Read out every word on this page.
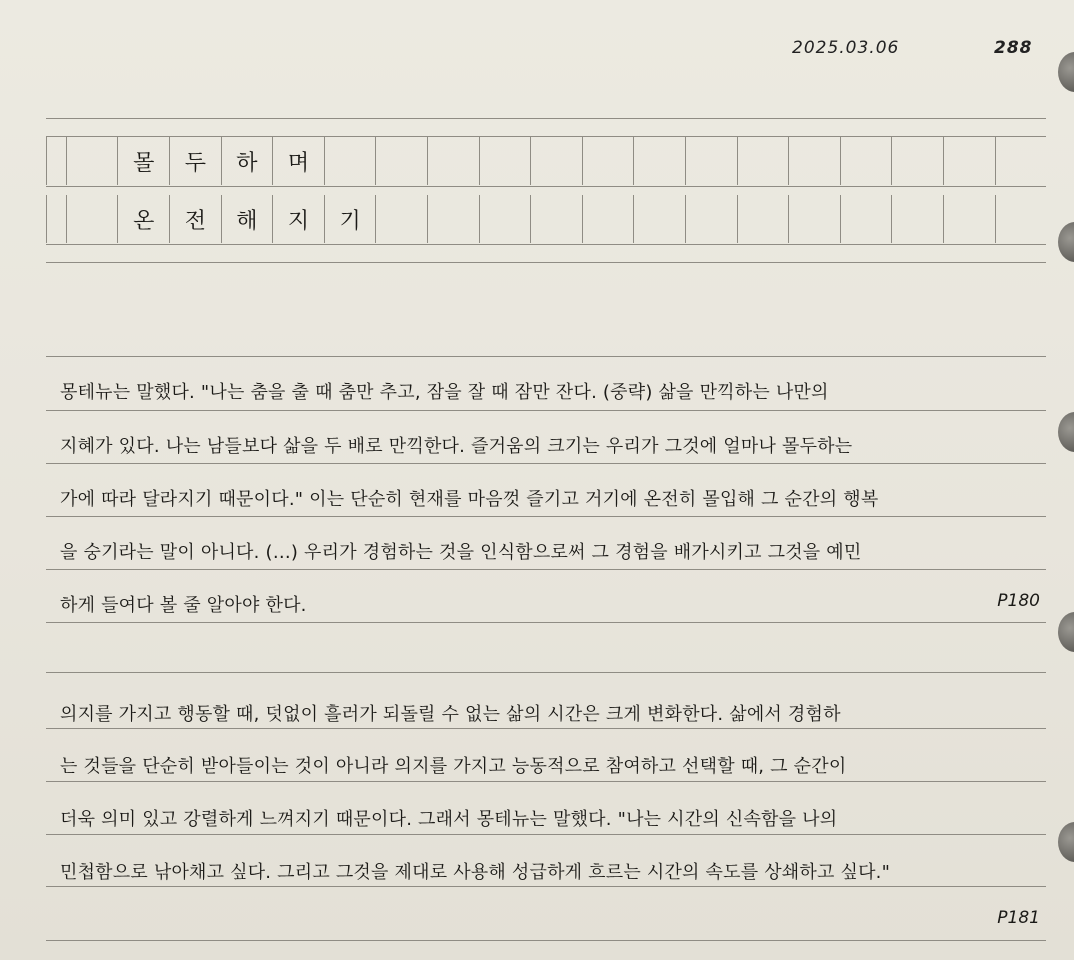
2025.03.06	288
몰	두	하	며
온	전	해	지	기
몽테뉴는 말했다. "나는 춤을 출 때 춤만 추고, 잠을 잘 때 잠만 잔다. (중략) 삶을 만끽하는 나만의
지혜가 있다. 나는 남들보다 삶을 두 배로 만끽한다. 즐거움의 크기는 우리가 그것에 얼마나 몰두하는
가에 따라 달라지기 때문이다." 이는 단순히 현재를 마음껏 즐기고 거기에 온전히 몰입해 그 순간의 행복
을 숭기라는 말이 아니다. (…) 우리가 경험하는 것을 인식함으로써 그 경험을 배가시키고 그것을 예민
하게 들여다 볼 줄 알아야 한다.	P180
의지를 가지고 행동할 때, 덧없이 흘러가 되돌릴 수 없는 삶의 시간은 크게 변화한다. 삶에서 경험하
는 것들을 단순히 받아들이는 것이 아니라 의지를 가지고 능동적으로 참여하고 선택할 때, 그 순간이
더욱 의미 있고 강렬하게 느껴지기 때문이다. 그래서 몽테뉴는 말했다. "나는 시간의 신속함을 나의
민첩함으로 낚아채고 싶다. 그리고 그것을 제대로 사용해 성급하게 흐르는 시간의 속도를 상쇄하고 싶다."
P181
